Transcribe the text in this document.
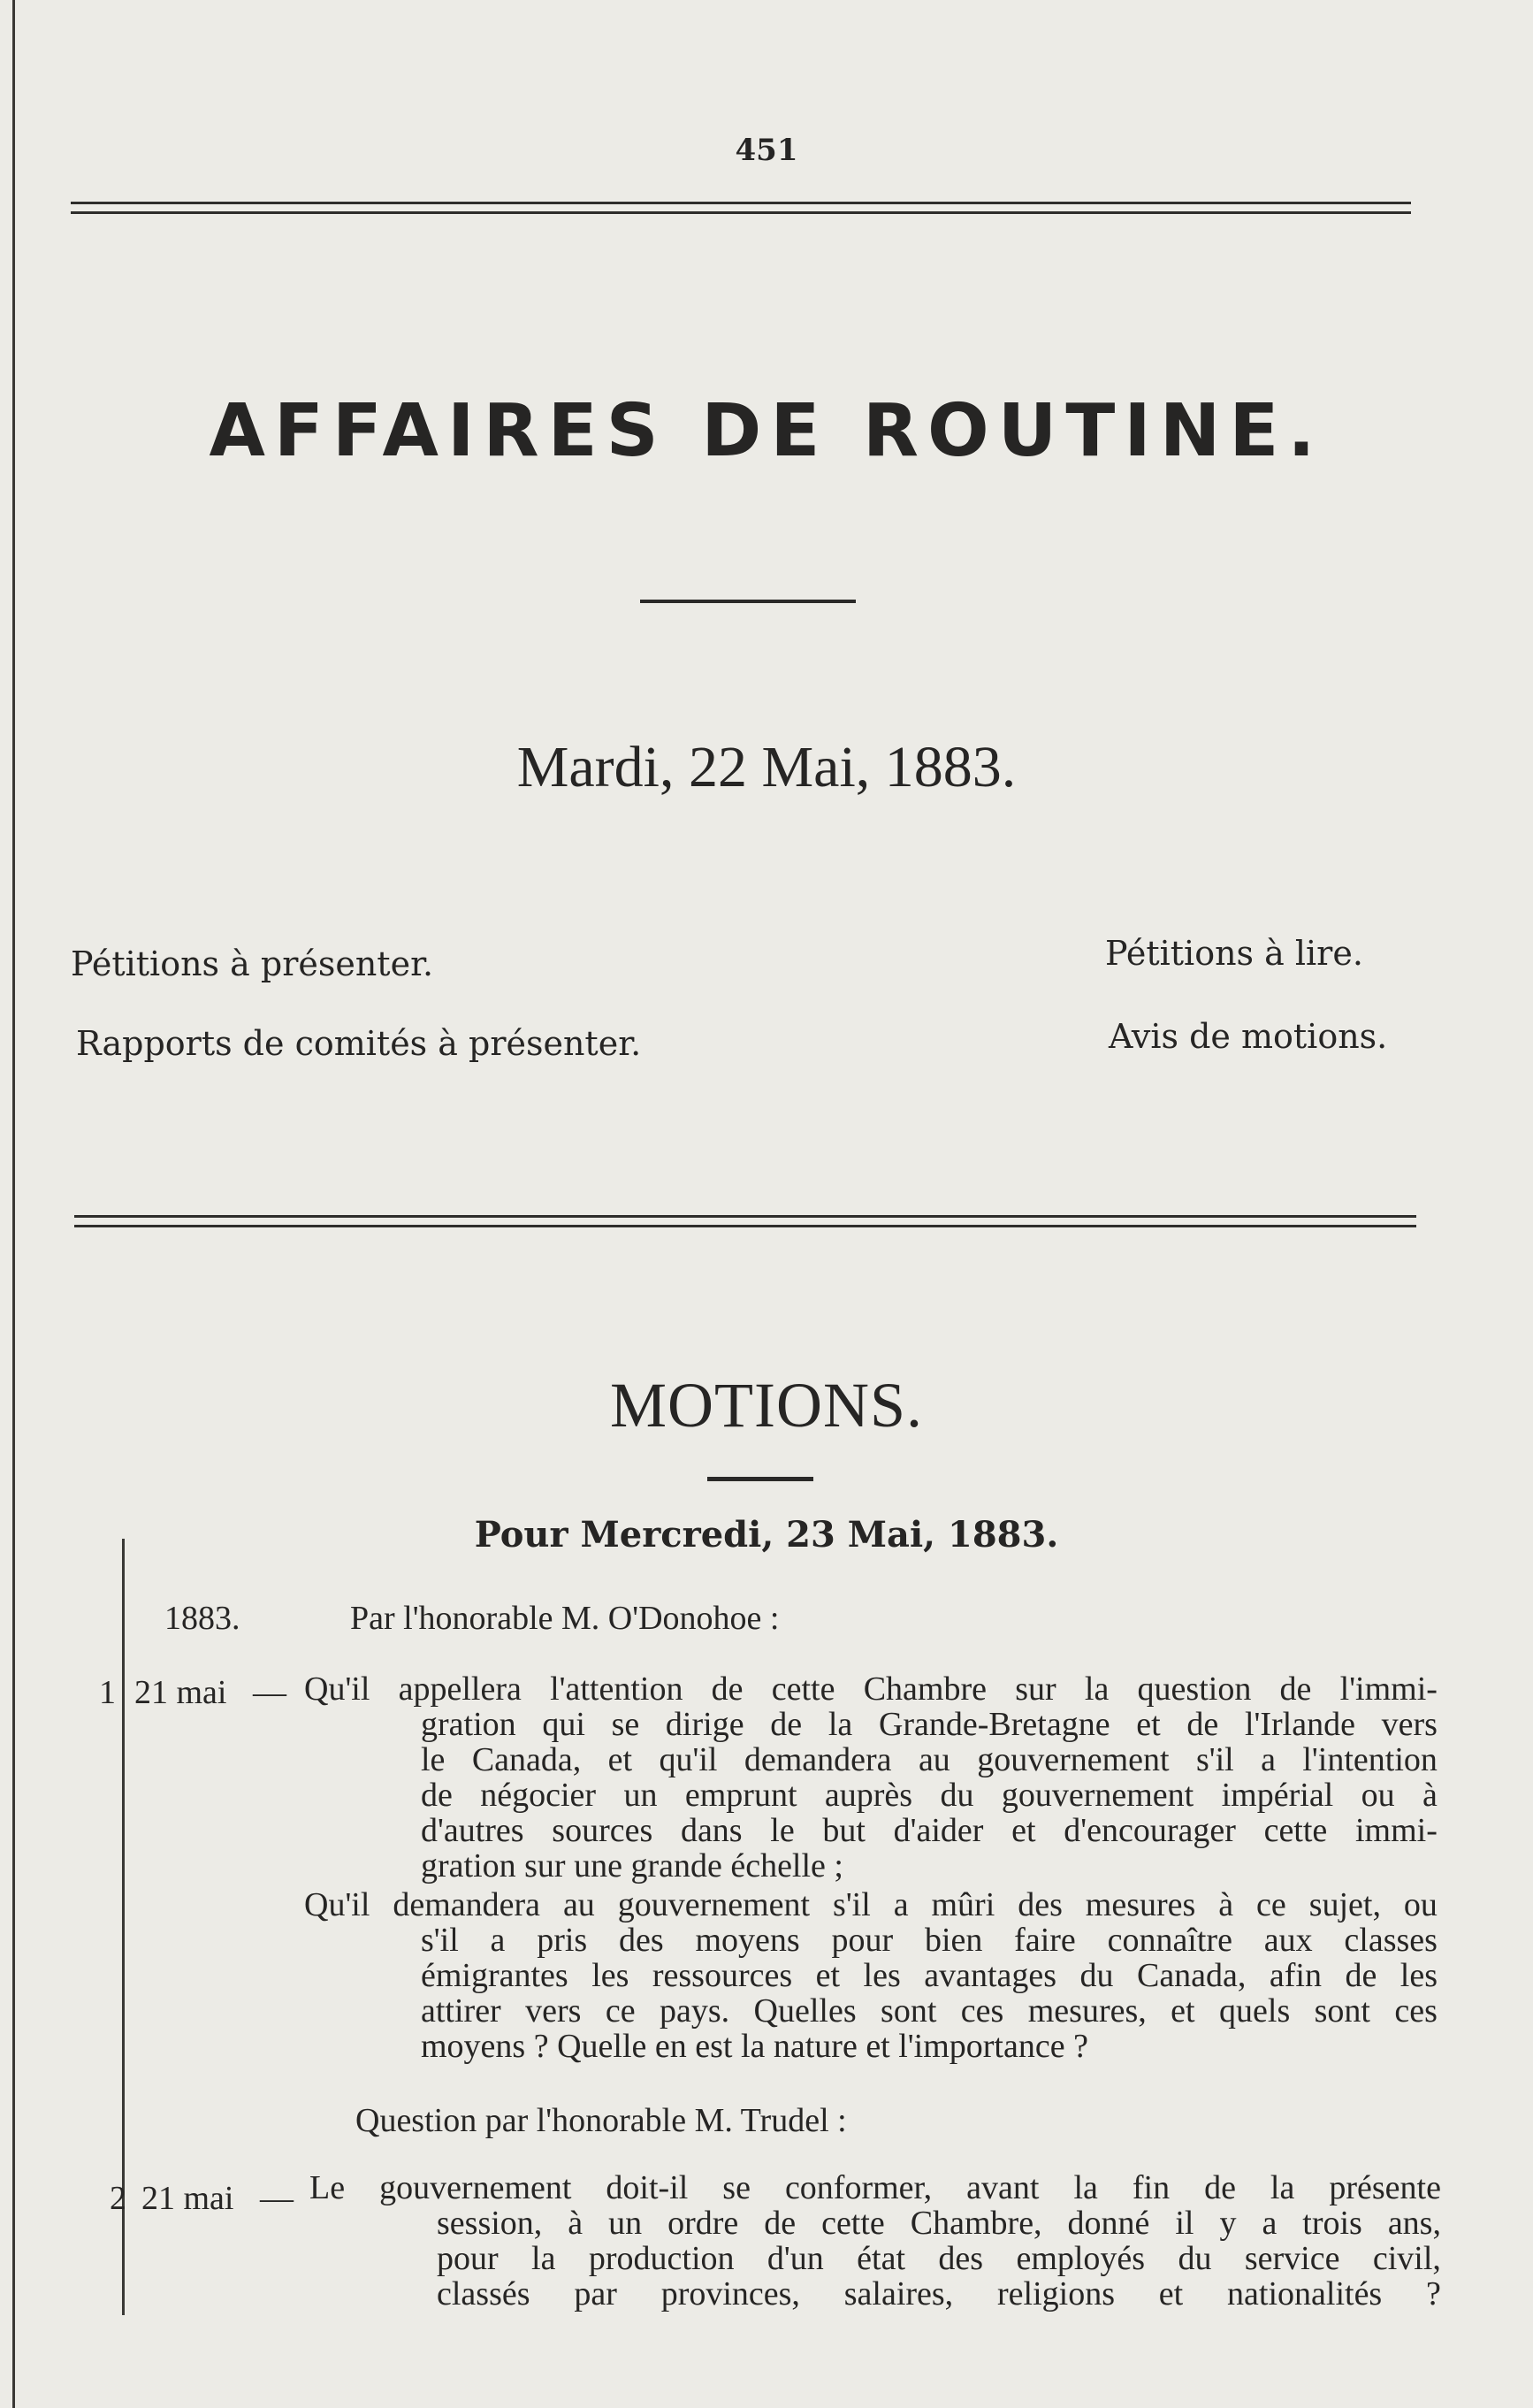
451
AFFAIRES DE ROUTINE.
Mardi, 22 Mai, 1883.
Pétitions à présenter.
Rapports de comités à présenter.
Pétitions à lire.
Avis de motions.
MOTIONS.
Pour Mercredi, 23 Mai, 1883.
1883.	Par l'honorable M. O'Donohoe :
1 21 mai — Qu'il appellera l'attention de cette Chambre sur la question de l'immi-
gration qui se dirige de la Grande-Bretagne et de l'Irlande vers
le Canada, et qu'il demandera au gouvernement s'il a l'intention
de négocier un emprunt auprès du gouvernement impérial ou à
d'autres sources dans le but d'aider et d'encourager cette immi-
gration sur une grande échelle ;
Qu'il demandera au gouvernement s'il a mûri des mesures à ce sujet, ou
s'il a pris des moyens pour bien faire connaître aux classes
émigrantes les ressources et les avantages du Canada, afin de les
attirer vers ce pays. Quelles sont ces mesures, et quels sont ces
moyens ? Quelle en est la nature et l'importance ?
Question par l'honorable M. Trudel :
2 21 mai — Le gouvernement doit-il se conformer, avant la fin de la présente
session, à un ordre de cette Chambre, donné il y a trois ans,
pour la production d'un état des employés du service civil,
classés par provinces, salaires, religions et nationalités ?
